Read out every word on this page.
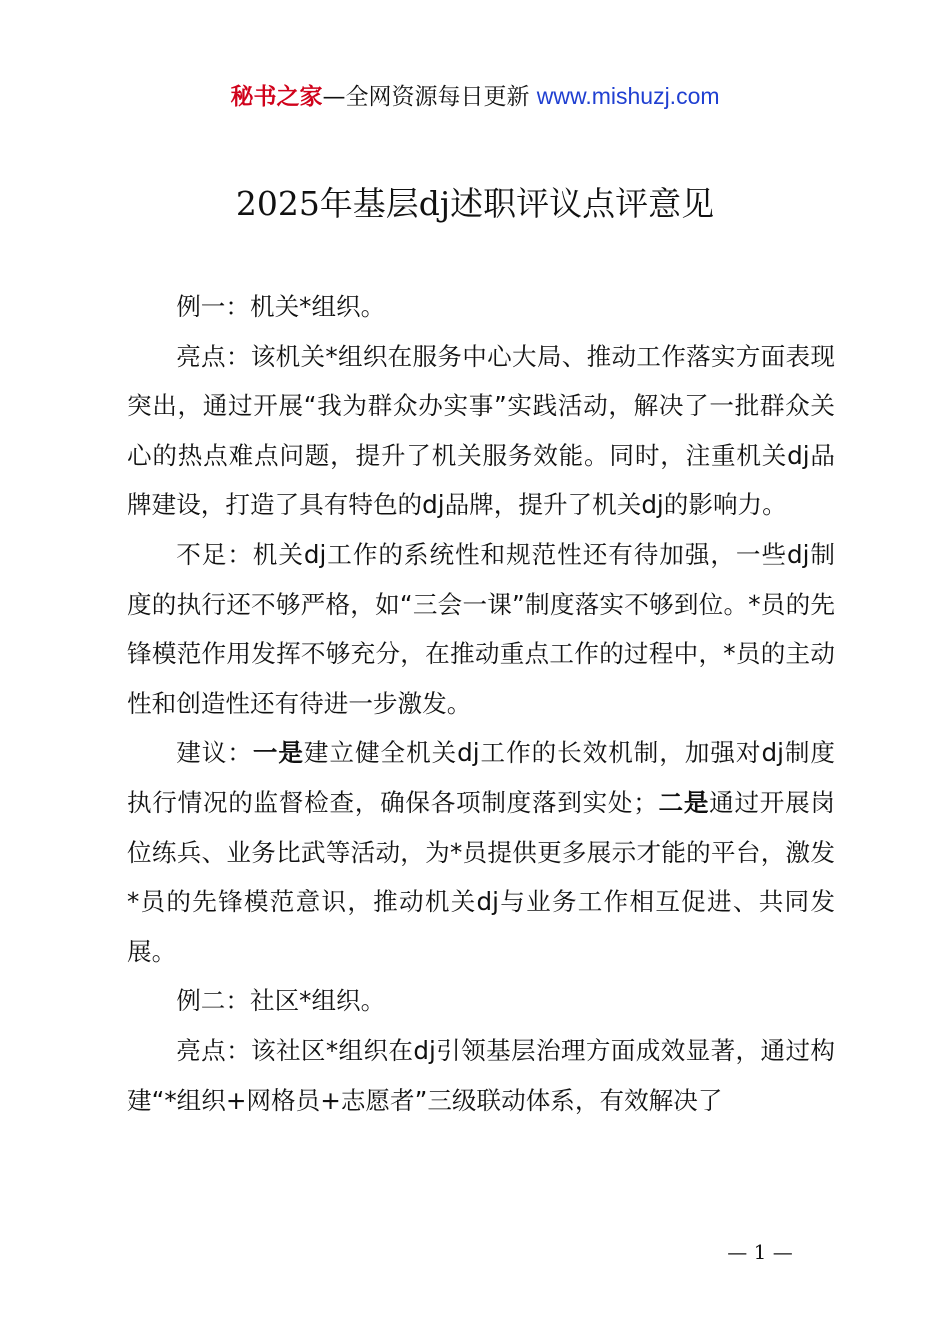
秘书之家—全网资源每日更新 www.mishuzj.com
2025年基层dj述职评议点评意见

例一：机关*组织。

亮点：该机关*组织在服务中心大局、推动工作落实方面表现突出，通过开展“我为群众办实事”实践活动，解决了一批群众关心的热点难点问题，提升了机关服务效能。同时，注重机关dj品牌建设，打造了具有特色的dj品牌，提升了机关dj的影响力。

不足：机关dj工作的系统性和规范性还有待加强，一些dj制度的执行还不够严格，如“三会一课”制度落实不够到位。*员的先锋模范作用发挥不够充分，在推动重点工作的过程中，*员的主动性和创造性还有待进一步激发。

建议：一是建立健全机关dj工作的长效机制，加强对dj制度执行情况的监督检查，确保各项制度落到实处；二是通过开展岗位练兵、业务比武等活动，为*员提供更多展示才能的平台，激发*员的先锋模范意识，推动机关dj与业务工作相互促进、共同发展。

例二：社区*组织。

亮点：该社区*组织在dj引领基层治理方面成效显著，通过构建“*组织+网格员+志愿者”三级联动体系，有效解决了

— 1 —
